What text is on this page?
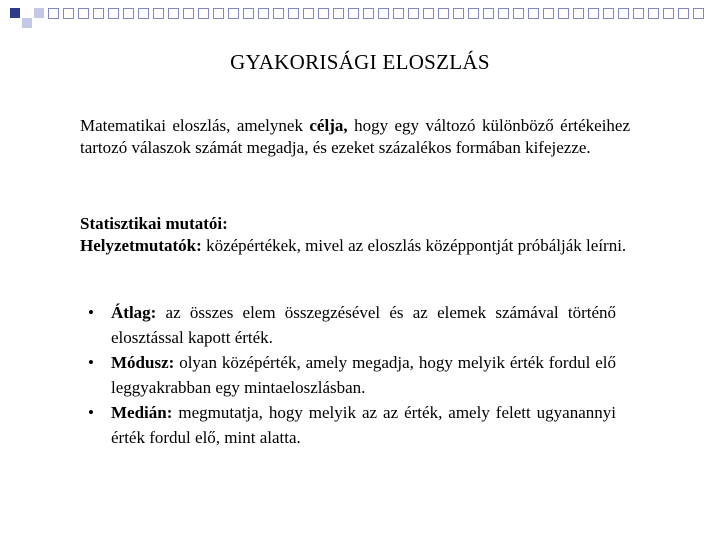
GYAKORISÁGI ELOSZLÁS
Matematikai eloszlás, amelynek célja, hogy egy változó különböző értékeihez tartozó válaszok számát megadja, és ezeket százalékos formában kifejezze.
Statisztikai mutatói:
Helyzetmutatók: középértékek, mivel az eloszlás középpontját próbálják leírni.
• Átlag: az összes elem összegzésével és az elemek számával történő elosztással kapott érték.
• Módusz: olyan középérték, amely megadja, hogy melyik érték fordul elő leggyakrabban egy mintaeloszlásban.
• Medián: megmutatja, hogy melyik az az érték, amely felett ugyanannyi érték fordul elő, mint alatta.
